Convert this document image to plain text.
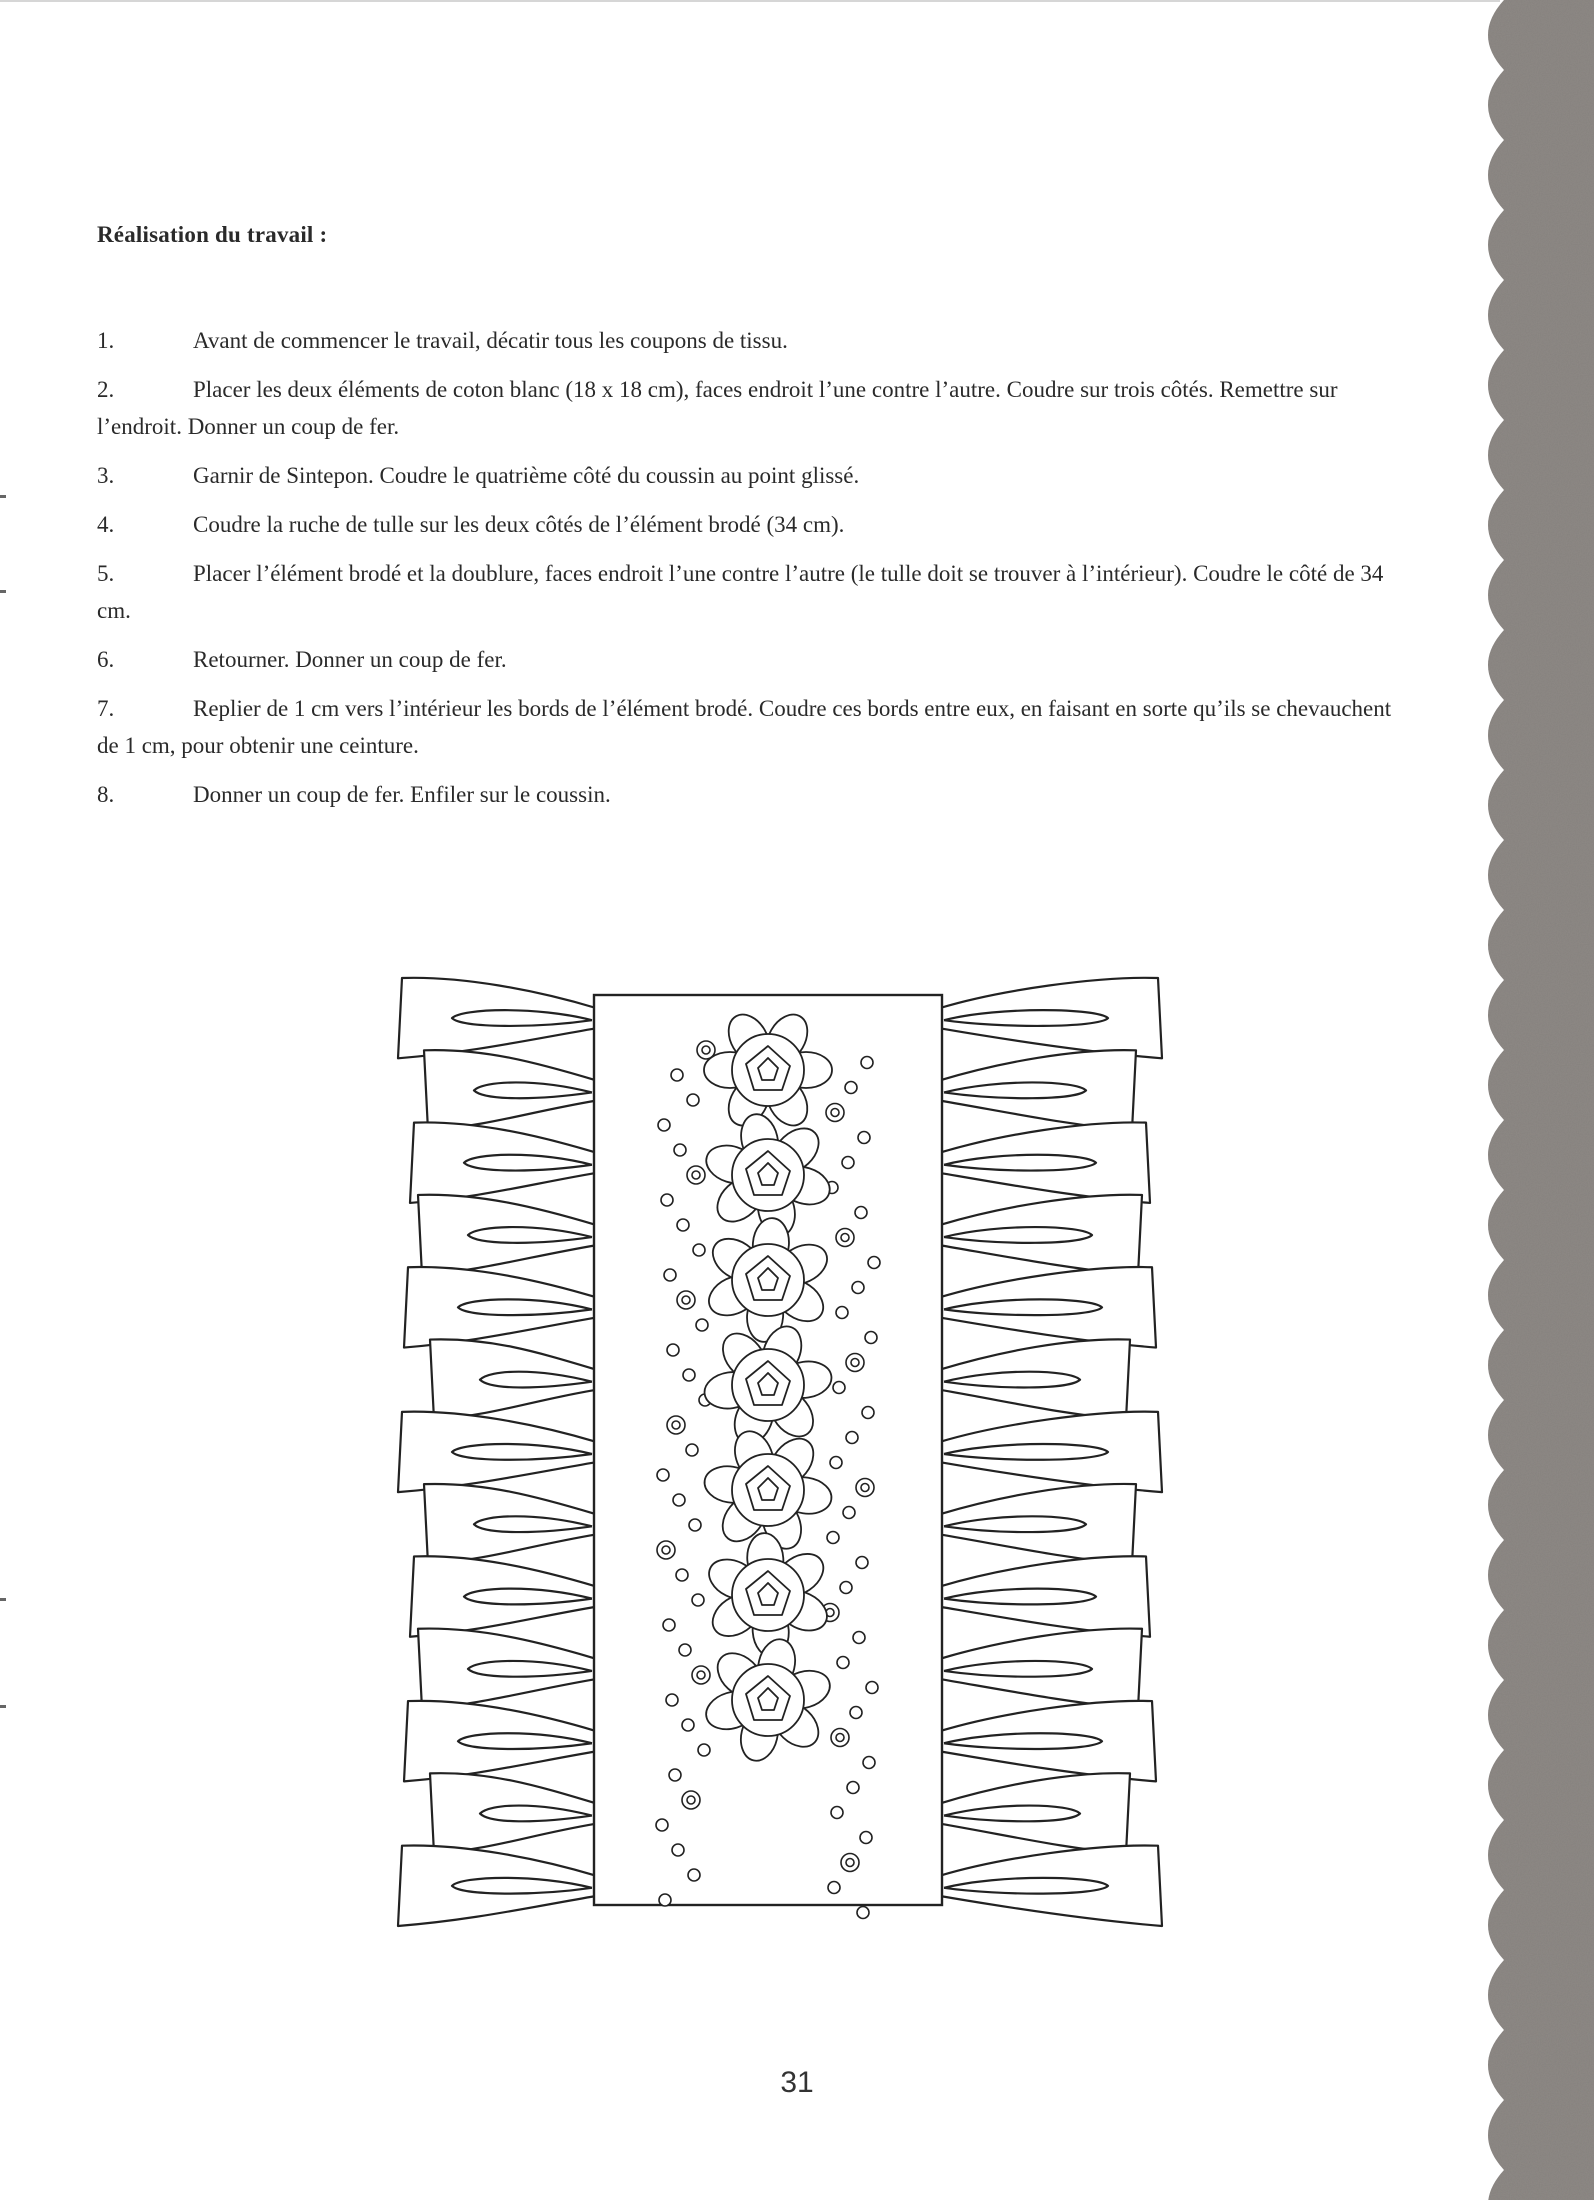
Réalisation du travail :

1.	Avant de commencer le travail, décatir tous les coupons de tissu.

2.	Placer les deux éléments de coton blanc (18 x 18 cm), faces endroit l’une contre l’autre. Coudre sur trois côtés. Remettre sur l’endroit. Donner un coup de fer.

3.	Garnir de Sintepon. Coudre le quatrième côté du coussin au point glissé.

4.	Coudre la ruche de tulle sur les deux côtés de l’élément brodé (34 cm).

5.	Placer l’élément brodé et la doublure, faces endroit l’une contre l’autre (le tulle doit se trouver à l’intérieur). Coudre le côté de 34 cm.

6.	Retourner. Donner un coup de fer.

7.	Replier de 1 cm vers l’intérieur les bords de l’élément brodé. Coudre ces bords entre eux, en faisant en sorte qu’ils se chevauchent de 1 cm, pour obtenir une ceinture.

8.	Donner un coup de fer. Enfiler sur le coussin.

31
